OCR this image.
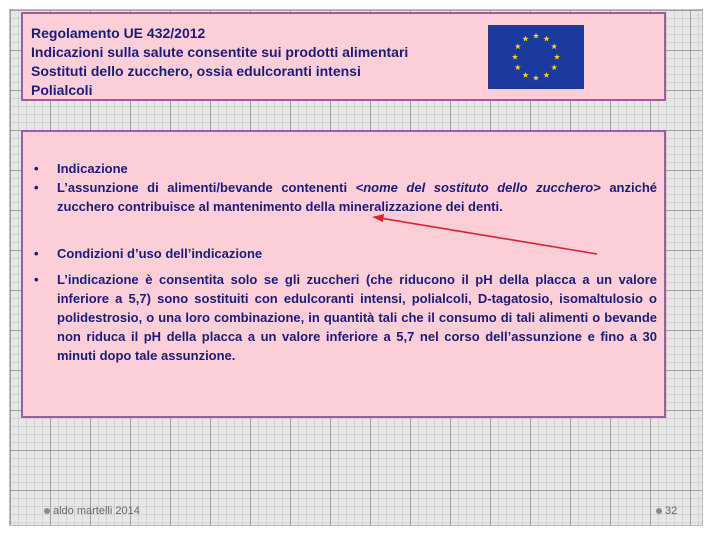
Regolamento UE 432/2012
Indicazioni sulla salute consentite sui prodotti alimentari
Sostituti dello zucchero, ossia edulcoranti intensi
Polialcoli
• Indicazione
• L’assunzione di alimenti/bevande contenenti <nome del sostituto dello zucchero> anziché zucchero contribuisce al mantenimento della mineralizzazione dei denti.
• Condizioni d’uso dell’indicazione
• L’indicazione è consentita solo se gli zuccheri (che riducono il pH della placca a un valore inferiore a 5,7) sono sostituiti con edulcoranti intensi, polialcoli, D-tagatosio, isomaltulosio o polidestrosio, o una loro combinazione, in quantità tali che il consumo di tali alimenti o bevande non riduca il pH della placca a un valore inferiore a 5,7 nel corso dell’assunzione e fino a 30 minuti dopo tale assunzione.
aldo martelli 2014	32
